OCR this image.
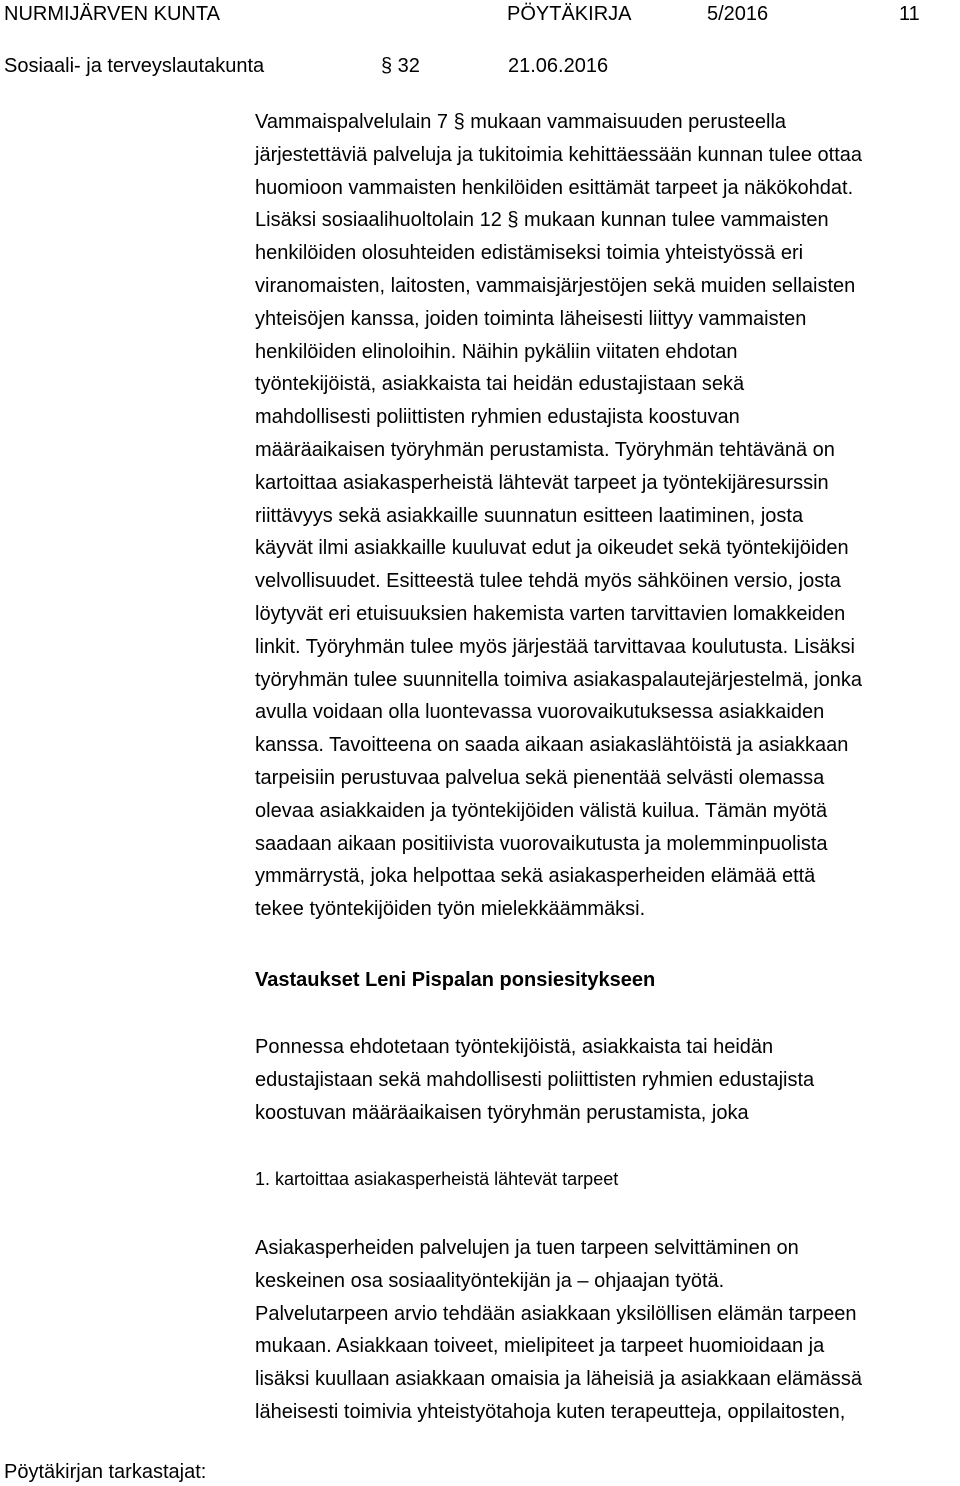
NURMIJÄRVEN KUNTA	PÖYTÄKIRJA	5/2016	11
Sosiaali- ja terveyslautakunta	§ 32	21.06.2016
Vammaispalvelulain 7 § mukaan vammaisuuden perusteella
järjestettäviä palveluja ja tukitoimia kehittäessään kunnan tulee ottaa
huomioon vammaisten henkilöiden esittämät tarpeet ja näkökohdat.
Lisäksi sosiaalihuoltolain 12 § mukaan kunnan tulee vammaisten
henkilöiden olosuhteiden edistämiseksi toimia yhteistyössä eri
viranomaisten, laitosten, vammaisjärjestöjen sekä muiden sellaisten
yhteisöjen kanssa, joiden toiminta läheisesti liittyy vammaisten
henkilöiden elinoloihin. Näihin pykäliin viitaten ehdotan
työntekijöistä, asiakkaista tai heidän edustajistaan sekä
mahdollisesti poliittisten ryhmien edustajista koostuvan
määräaikaisen työryhmän perustamista. Työryhmän tehtävänä on
kartoittaa asiakasperheistä lähtevät tarpeet ja työntekijäresurssin
riittävyys sekä asiakkaille suunnatun esitteen laatiminen, josta
käyvät ilmi asiakkaille kuuluvat edut ja oikeudet sekä työntekijöiden
velvollisuudet. Esitteestä tulee tehdä myös sähköinen versio, josta
löytyvät eri etuisuuksien hakemista varten tarvittavien lomakkeiden
linkit. Työryhmän tulee myös järjestää tarvittavaa koulutusta. Lisäksi
työryhmän tulee suunnitella toimiva asiakaspalautejärjestelmä, jonka
avulla voidaan olla luontevassa vuorovaikutuksessa asiakkaiden
kanssa. Tavoitteena on saada aikaan asiakaslähtöistä ja asiakkaan
tarpeisiin perustuvaa palvelua sekä pienentää selvästi olemassa
olevaa asiakkaiden ja työntekijöiden välistä kuilua. Tämän myötä
saadaan aikaan positiivista vuorovaikutusta ja molemminpuolista
ymmärrystä, joka helpottaa sekä asiakasperheiden elämää että
tekee työntekijöiden työn mielekkäämmäksi.
Vastaukset Leni Pispalan ponsiesitykseen
Ponnessa ehdotetaan työntekijöistä, asiakkaista tai heidän
edustajistaan sekä mahdollisesti poliittisten ryhmien edustajista
koostuvan määräaikaisen työryhmän perustamista, joka
1. kartoittaa asiakasperheistä lähtevät tarpeet
Asiakasperheiden palvelujen ja tuen tarpeen selvittäminen on
keskeinen osa sosiaalityöntekijän ja – ohjaajan työtä.
Palvelutarpeen arvio tehdään asiakkaan yksilöllisen elämän tarpeen
mukaan. Asiakkaan toiveet, mielipiteet ja tarpeet huomioidaan ja
lisäksi kuullaan asiakkaan omaisia ja läheisiä ja asiakkaan elämässä
läheisesti toimivia yhteistyötahoja kuten terapeutteja, oppilaitosten,
Pöytäkirjan tarkastajat:
